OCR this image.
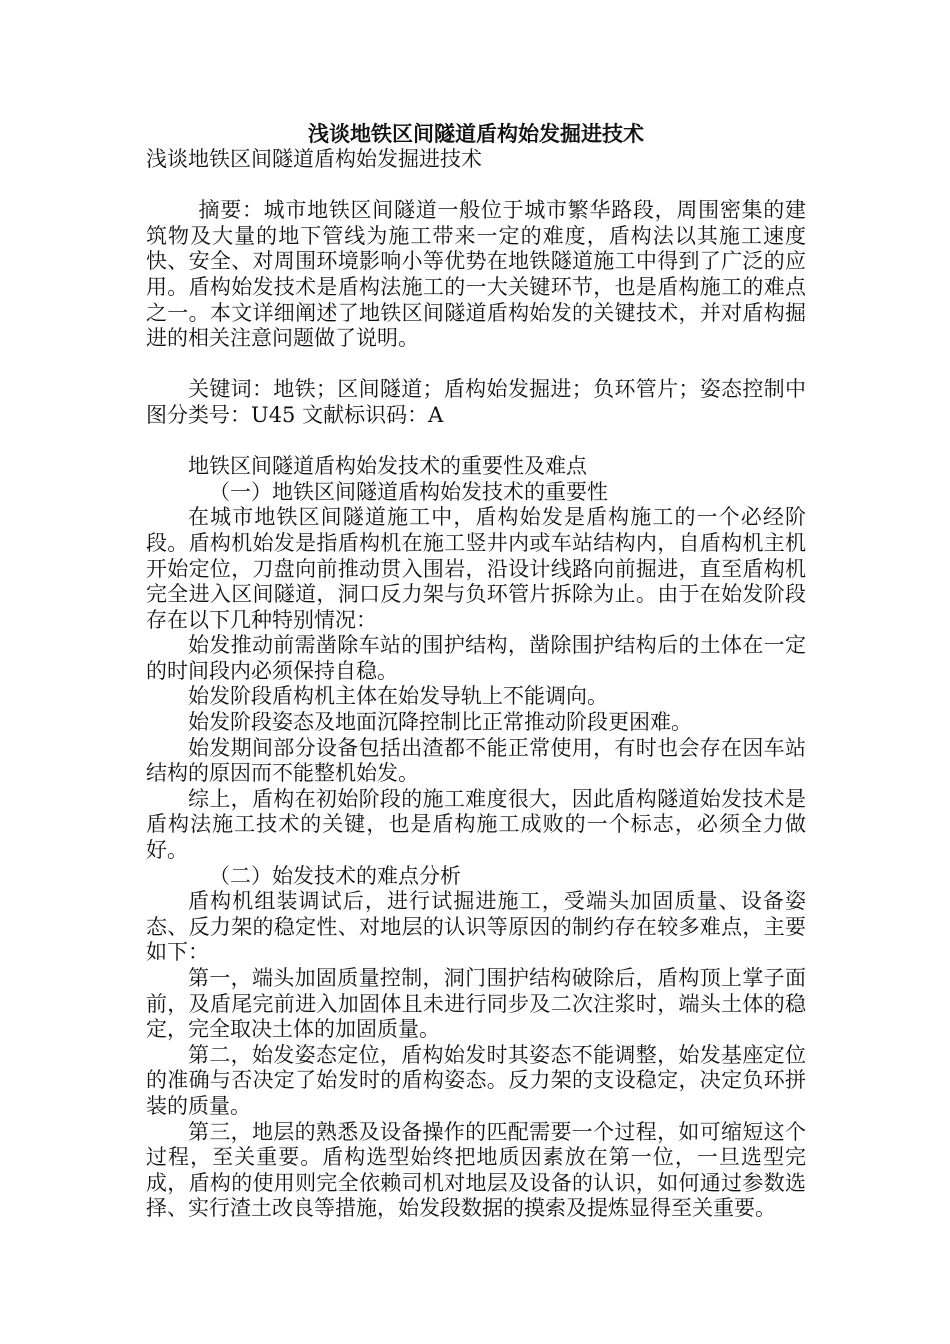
浅谈地铁区间隧道盾构始发掘进技术

浅谈地铁区间隧道盾构始发掘进技术

摘要：城市地铁区间隧道一般位于城市繁华路段，周围密集的建筑物及大量的地下管线为施工带来一定的难度，盾构法以其施工速度快、安全、对周围环境影响小等优势在地铁隧道施工中得到了广泛的应用。盾构始发技术是盾构法施工的一大关键环节，也是盾构施工的难点之一。本文详细阐述了地铁区间隧道盾构始发的关键技术，并对盾构掘进的相关注意问题做了说明。

关键词：地铁；区间隧道；盾构始发掘进；负环管片；姿态控制中图分类号：U45 文献标识码：A

地铁区间隧道盾构始发技术的重要性及难点

（一）地铁区间隧道盾构始发技术的重要性

在城市地铁区间隧道施工中，盾构始发是盾构施工的一个必经阶段。盾构机始发是指盾构机在施工竖井内或车站结构内，自盾构机主机开始定位，刀盘向前推动贯入围岩，沿设计线路向前掘进，直至盾构机完全进入区间隧道，洞口反力架与负环管片拆除为止。由于在始发阶段存在以下几种特别情况：

始发推动前需凿除车站的围护结构，凿除围护结构后的土体在一定的时间段内必须保持自稳。

始发阶段盾构机主体在始发导轨上不能调向。

始发阶段姿态及地面沉降控制比正常推动阶段更困难。

始发期间部分设备包括出渣都不能正常使用，有时也会存在因车站结构的原因而不能整机始发。

综上，盾构在初始阶段的施工难度很大，因此盾构隧道始发技术是盾构法施工技术的关键，也是盾构施工成败的一个标志，必须全力做好。

（二）始发技术的难点分析

盾构机组装调试后，进行试掘进施工，受端头加固质量、设备姿态、反力架的稳定性、对地层的认识等原因的制约存在较多难点，主要如下：

第一，端头加固质量控制，洞门围护结构破除后，盾构顶上掌子面前，及盾尾完前进入加固体且未进行同步及二次注浆时，端头土体的稳定，完全取决土体的加固质量。

第二，始发姿态定位，盾构始发时其姿态不能调整，始发基座定位的准确与否决定了始发时的盾构姿态。反力架的支设稳定，决定负环拼装的质量。

第三，地层的熟悉及设备操作的匹配需要一个过程，如可缩短这个过程，至关重要。盾构选型始终把地质因素放在第一位，一旦选型完成，盾构的使用则完全依赖司机对地层及设备的认识，如何通过参数选择、实行渣土改良等措施，始发段数据的摸索及提炼显得至关重要。
